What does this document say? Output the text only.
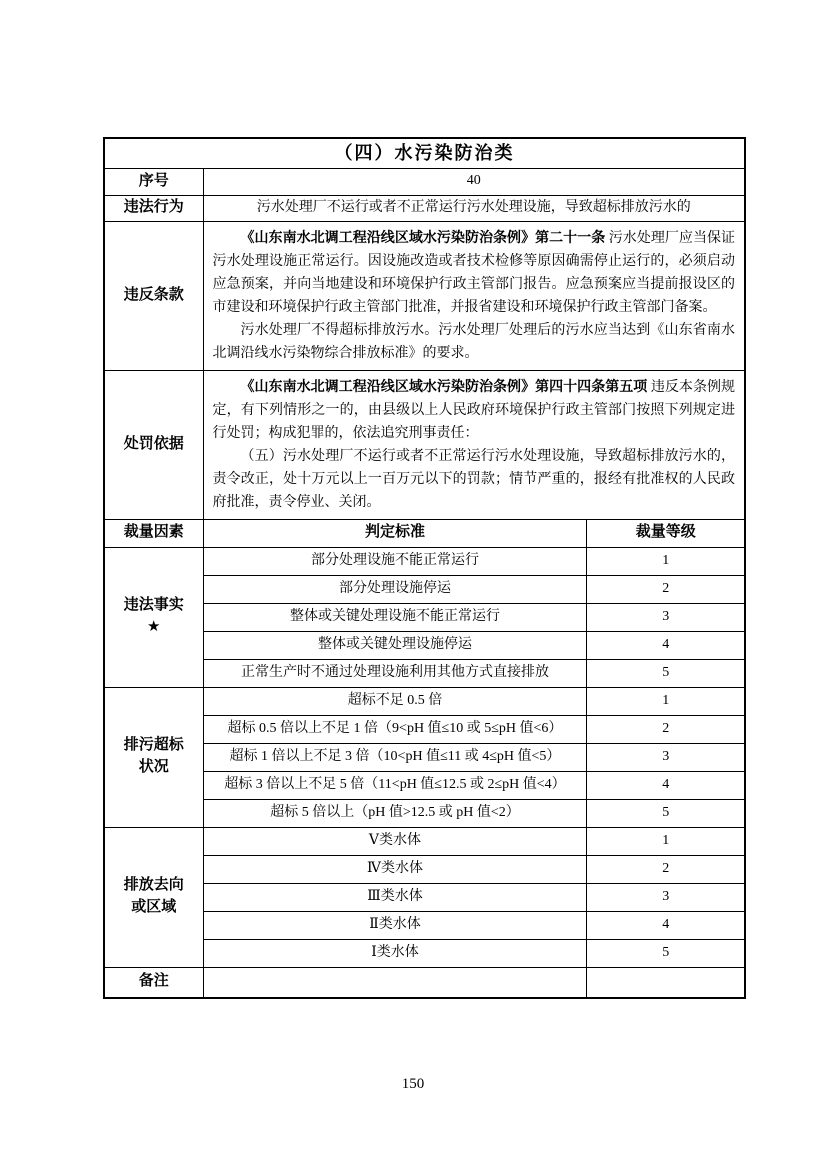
（四）水污染防治类		
序号	40	
违法行为	污水处理厂不运行或者不正常运行污水处理设施，导致超标排放污水的	
违反条款	《山东南水北调工程沿线区域水污染防治条例》第二十一条 污水处理厂应当保证污水处理设施正常运行。因设施改造或者技术检修等原因确需停止运行的，必须启动应急预案，并向当地建设和环境保护行政主管部门报告。应急预案应当提前报设区的市建设和环境保护行政主管部门批准，并报省建设和环境保护行政主管部门备案。

污水处理厂不得超标排放污水。污水处理厂处理后的污水应当达到《山东省南水北调沿线水污染物综合排放标准》的要求。	

处罚依据	《山东南水北调工程沿线区域水污染防治条例》第四十四条第五项 违反本条例规定，有下列情形之一的，由县级以上人民政府环境保护行政主管部门按照下列规定进行处罚；构成犯罪的，依法追究刑事责任：

（五）污水处理厂不运行或者不正常运行污水处理设施，导致超标排放污水的，责令改正，处十万元以上一百万元以下的罚款；情节严重的，报经有批准权的人民政府批准，责令停业、关闭。	

裁量因素	判定标准	裁量等级

违法事实
★	部分处理设施不能正常运行	1
	部分处理设施停运	2
	整体或关键处理设施不能正常运行	3
	整体或关键处理设施停运	4
	正常生产时不通过处理设施利用其他方式直接排放	5

排污超标
状况	超标不足 0.5 倍	1
	超标 0.5 倍以上不足 1 倍（9<pH 值≤10 或 5≤pH 值<6）	2
	超标 1 倍以上不足 3 倍（10<pH 值≤11 或 4≤pH 值<5）	3
	超标 3 倍以上不足 5 倍（11<pH 值≤12.5 或 2≤pH 值<4）	4
	超标 5 倍以上（pH 值>12.5 或 pH 值<2）	5

排放去向
或区域	Ⅴ类水体	1
	Ⅳ类水体	2
	Ⅲ类水体	3
	Ⅱ类水体	4
	Ⅰ类水体	5
备注		
150
